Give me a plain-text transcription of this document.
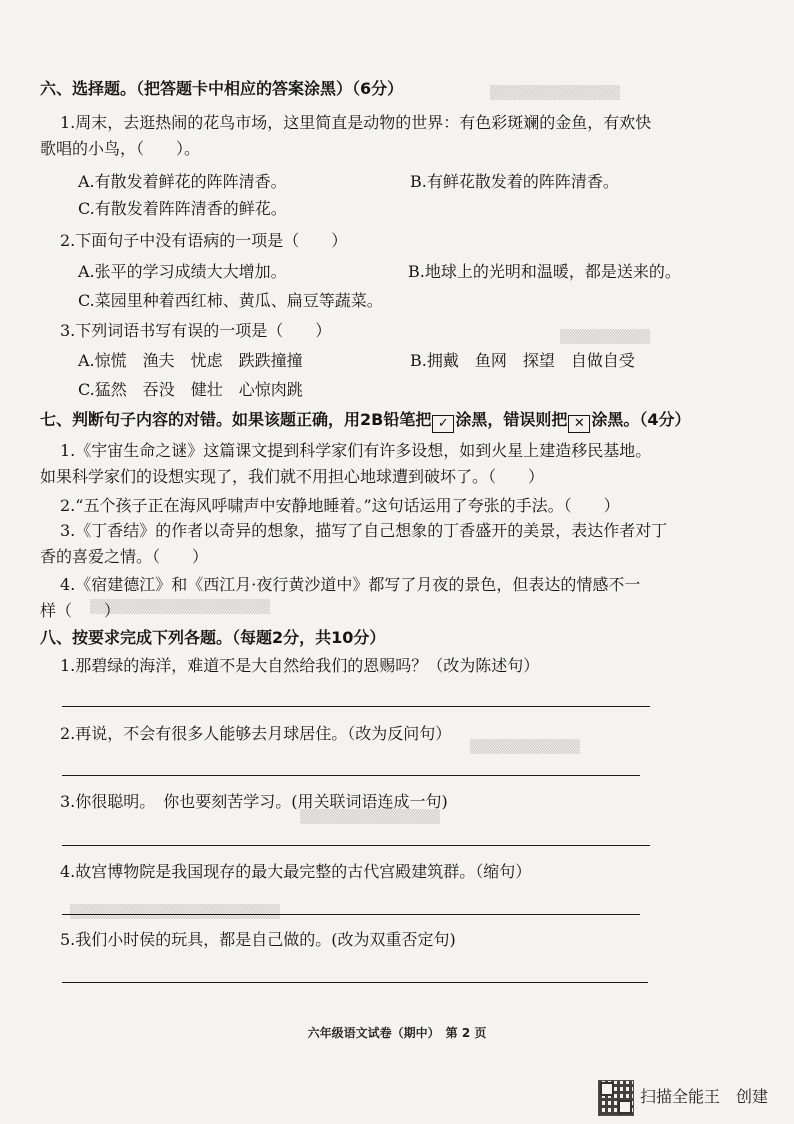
▒▒▒▒▒▒▒▒▒▒▒▒▒
▒▒▒▒▒▒▒▒▒
▒▒▒▒▒▒▒▒▒▒▒▒▒▒▒▒▒▒
▒▒▒▒▒▒▒▒▒▒▒
▒▒▒▒▒▒▒▒▒▒▒▒▒▒
▒▒▒▒▒▒▒▒▒▒▒▒▒▒▒▒▒▒▒▒▒
六、选择题。（把答题卡中相应的答案涂黑）（6分）
1.周末，去逛热闹的花鸟市场，这里简直是动物的世界：有色彩斑斓的金鱼，有欢快
歌唱的小鸟，（　　）。
A.有散发着鲜花的阵阵清香。	B.有鲜花散发着的阵阵清香。
C.有散发着阵阵清香的鲜花。
2.下面句子中没有语病的一项是（　　）
A.张平的学习成绩大大增加。	B.地球上的光明和温暖，都是送来的。
C.菜园里种着西红柿、黄瓜、扁豆等蔬菜。
3.下列词语书写有误的一项是（　　）
A.惊慌　渔夫　忧虑　跌跌撞撞	B.拥戴　鱼网　探望　自做自受
C.猛然　吞没　健壮　心惊肉跳
七、判断句子内容的对错。如果该题正确，用2B铅笔把 ✓ 涂黑，错误则把 ✕ 涂黑。（4分）
1.《宇宙生命之谜》这篇课文提到科学家们有许多设想，如到火星上建造移民基地。
如果科学家们的设想实现了，我们就不用担心地球遭到破坏了。（　　）
2.“五个孩子正在海风呼啸声中安静地睡着。”这句话运用了夸张的手法。（　　）
3.《丁香结》的作者以奇异的想象，描写了自己想象的丁香盛开的美景，表达作者对丁
香的喜爱之情。（　　）
4.《宿建德江》和《西江月·夜行黄沙道中》都写了月夜的景色，但表达的情感不一
样（　　）
八、按要求完成下列各题。（每题2分，共10分）
1.那碧绿的海洋，难道不是大自然给我们的恩赐吗？（改为陈述句）
2.再说，不会有很多人能够去月球居住。（改为反问句）
3.你很聪明。　你也要刻苦学习。(用关联词语连成一句)
4.故宫博物院是我国现存的最大最完整的古代宫殿建筑群。（缩句）
5.我们小时侯的玩具，都是自己做的。(改为双重否定句)
六年级语文试卷（期中）　第 2 页
扫描全能王　创建
